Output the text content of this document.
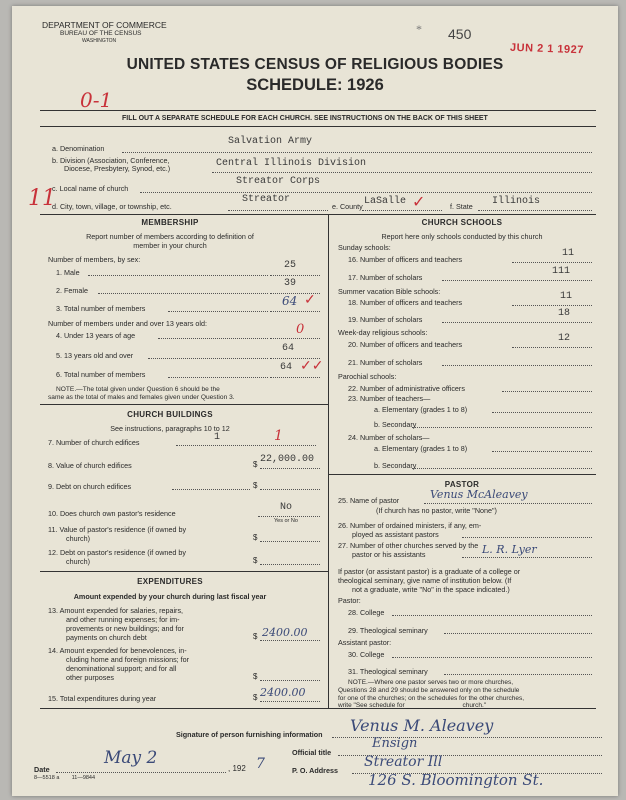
DEPARTMENT OF COMMERCE
BUREAU OF THE CENSUS
WASHINGTON
* 450
JUN 2 1 1927
UNITED STATES CENSUS OF RELIGIOUS BODIES
SCHEDULE: 1926
0-1
FILL OUT A SEPARATE SCHEDULE FOR EACH CHURCH. SEE INSTRUCTIONS ON THE BACK OF THIS SHEET
a. Denomination
Salvation Army
b. Division (Association, Conference,
Diocese, Presbytery, Synod, etc.)	Central Illinois Division
11
c. Local name of church
Streator Corps
d. City, town, village, or township, etc.
Streator
e. County LaSalle ✓	f. State Illinois
MEMBERSHIP
Report number of members according to definition of
member in your church
Number of members, by sex:
1. Male
25
2. Female
39
3. Total number of members
64 ✓
Number of members under and over 13 years old:
4. Under 13 years of age	0
5. 13 years old and over
64
6. Total number of members
64 ✓✓
NOTE.—The total given under Question 6 should be the
same as the total of males and females given under Question 3.
CHURCH BUILDINGS
See instructions, paragraphs 10 to 12
7. Number of church edifices	1	1
8. Value of church edifices	$ 22,000.00
9. Debt on church edifices	$
10. Does church own pastor's residence
No
Yes or No
11. Value of pastor's residence (if owned by
church)	$
12. Debt on pastor's residence (if owned by
church)	$
EXPENDITURES
Amount expended by your church during last fiscal year
13. Amount expended for salaries, repairs,
and other running expenses; for im-
provements or new buildings; and for
payments on church debt	$ 2400.00
14. Amount expended for benevolences, in-
cluding home and foreign missions; for
denominational support; and for all
other purposes	$
15. Total expenditures during year	$ 2400.00
CHURCH SCHOOLS
Report here only schools conducted by this church
Sunday schools:
16. Number of officers and teachers
11
17. Number of scholars
111
Summer vacation Bible schools:
18. Number of officers and teachers
11
19. Number of scholars
18
Week-day religious schools:
20. Number of officers and teachers
12
21. Number of scholars
Parochial schools:
22. Number of administrative officers
23. Number of teachers—
a. Elementary (grades 1 to 8)
b. Secondary
24. Number of scholars—
a. Elementary (grades 1 to 8)
b. Secondary
PASTOR
25. Name of pastor	Venus McAleavey
(If church has no pastor, write "None")
26. Number of ordained ministers, if any, em-
ployed as assistant pastors
27. Number of other churches served by the
pastor or his assistants	L. R. Lyer
If pastor (or assistant pastor) is a graduate of a college or
theological seminary, give name of institution below. (If
not a graduate, write "No" in the space indicated.)
Pastor:
28. College
29. Theological seminary
Assistant pastor:
30. College
31. Theological seminary
NOTE.—Where one pastor serves two or more churches,
Questions 28 and 29 should be answered only on the schedule
for one of the churches; on the schedules for the other churches,
write "See schedule for _______________ church."
Signature of person furnishing information Venus M. Aleavey
Official title
Ensign
Date
May 2
, 192 7	P. O. Address
Streator Ill
126 S. Bloomington St.
8—5518 a        11—9844
